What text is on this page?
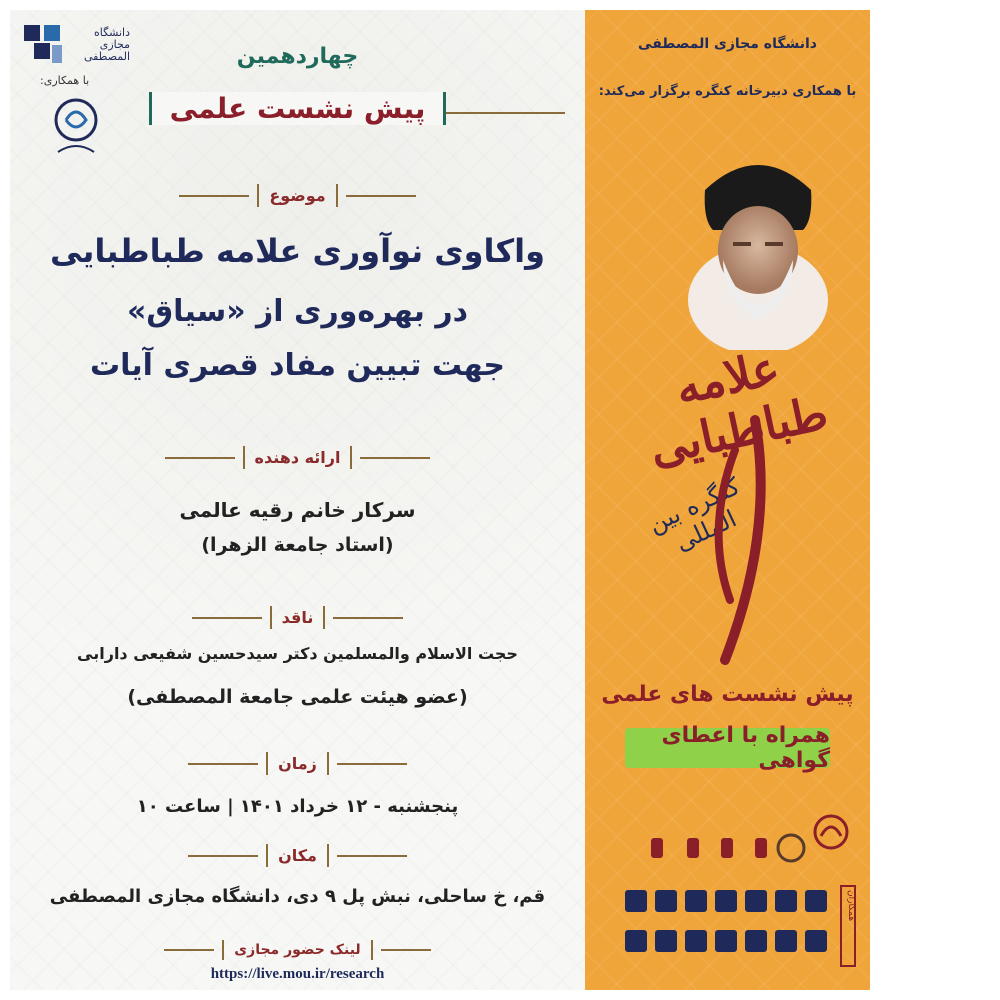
دانشگاه مجازی المصطفی
با همکاری:
چهاردهمین
پیش نشست علمی
موضوع
واکاوی نوآوری علامه طباطبایی
در بهره‌وری از «سیاق»
جهت تبیین مفاد قصری آیات
ارائه دهنده
سرکار خانم رقیه عالمی
(استاد جامعة الزهرا)
ناقد
حجت الاسلام والمسلمین دکتر سیدحسین شفیعی دارابی
(عضو هیئت علمی جامعة المصطفی)
زمان
پنجشنبه - ۱۲ خرداد ۱۴۰۱ | ساعت ۱۰
مکان
قم، خ ساحلی، نبش پل ۹ دی، دانشگاه مجازی المصطفی
لینک حضور مجازی
https://live.mou.ir/research
دانشگاه مجازی المصطفی
با همکاری دبیرخانه کنگره برگزار می‌کند:
علامه طباطبایی
کنگره بین المللی
پیش نشست های علمی
همراه با اعطای گواهی
همکاران
